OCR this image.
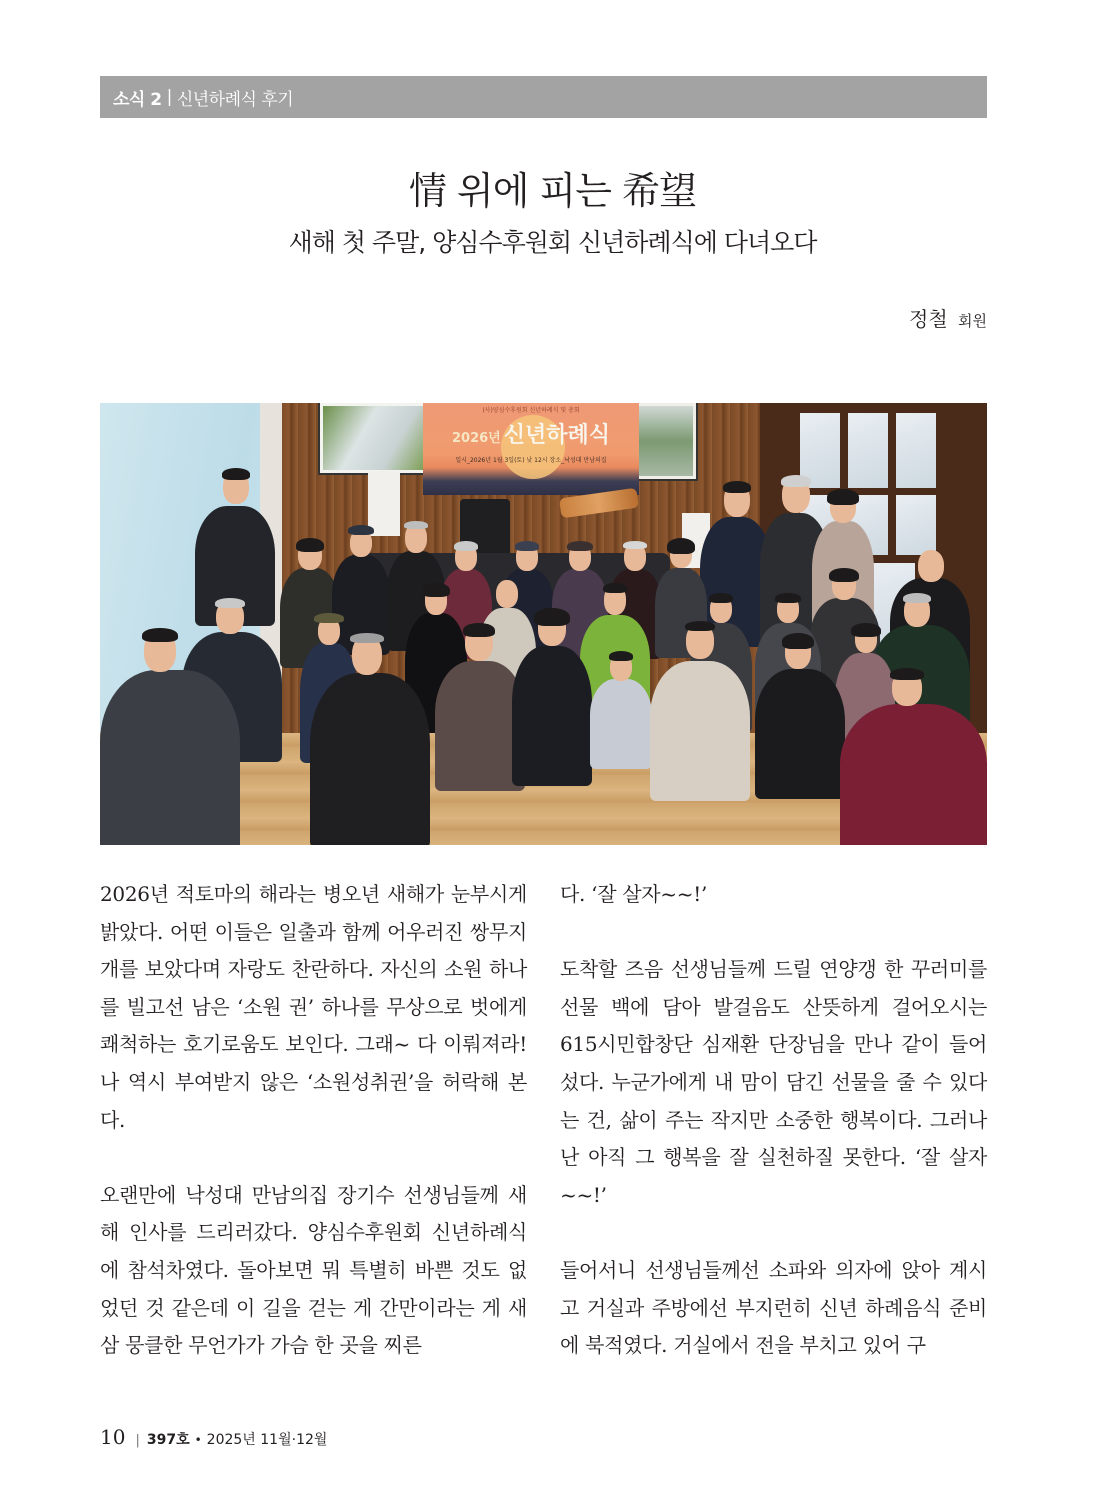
소식 2 | 신년하례식 후기
情 위에 피는 希望
새해 첫 주말, 양심수후원회 신년하례식에 다녀오다
정철 회원
(사)양심수후원회 신년하례식 및 총회
2026년 신년하례식
일시_2026년 1월 3일(토) 낮 12시 장소_낙성대 만남의집

2026년 적토마의 해라는 병오년 새해가 눈부시게 밝았다. 어떤 이들은 일출과 함께 어우러진 쌍무지개를 보았다며 자랑도 찬란하다. 자신의 소원 하나를 빌고선 남은 ‘소원 권’ 하나를 무상으로 벗에게 쾌척하는 호기로움도 보인다. 그래~ 다 이뤄져라! 나 역시 부여받지 않은 ‘소원성취권’을 허락해 본다.

오랜만에 낙성대 만남의집 장기수 선생님들께 새해 인사를 드리러갔다. 양심수후원회 신년하례식에 참석차였다. 돌아보면 뭐 특별히 바쁜 것도 없었던 것 같은데 이 길을 걷는 게 간만이라는 게 새삼 뭉클한 무언가가 가슴 한 곳을 찌른

다. ‘잘 살자~~!’

도착할 즈음 선생님들께 드릴 연양갱 한 꾸러미를 선물 백에 담아 발걸음도 산뜻하게 걸어오시는 615시민합창단 심재환 단장님을 만나 같이 들어섰다. 누군가에게 내 맘이 담긴 선물을 줄 수 있다는 건, 삶이 주는 작지만 소중한 행복이다. 그러나 난 아직 그 행복을 잘 실천하질 못한다. ‘잘 살자~~!’

들어서니 선생님들께선 소파와 의자에 앉아 계시고 거실과 주방에선 부지런히 신년 하례음식 준비에 북적였다. 거실에서 전을 부치고 있어 구

10 | 397호 • 2025년 11월·12월
